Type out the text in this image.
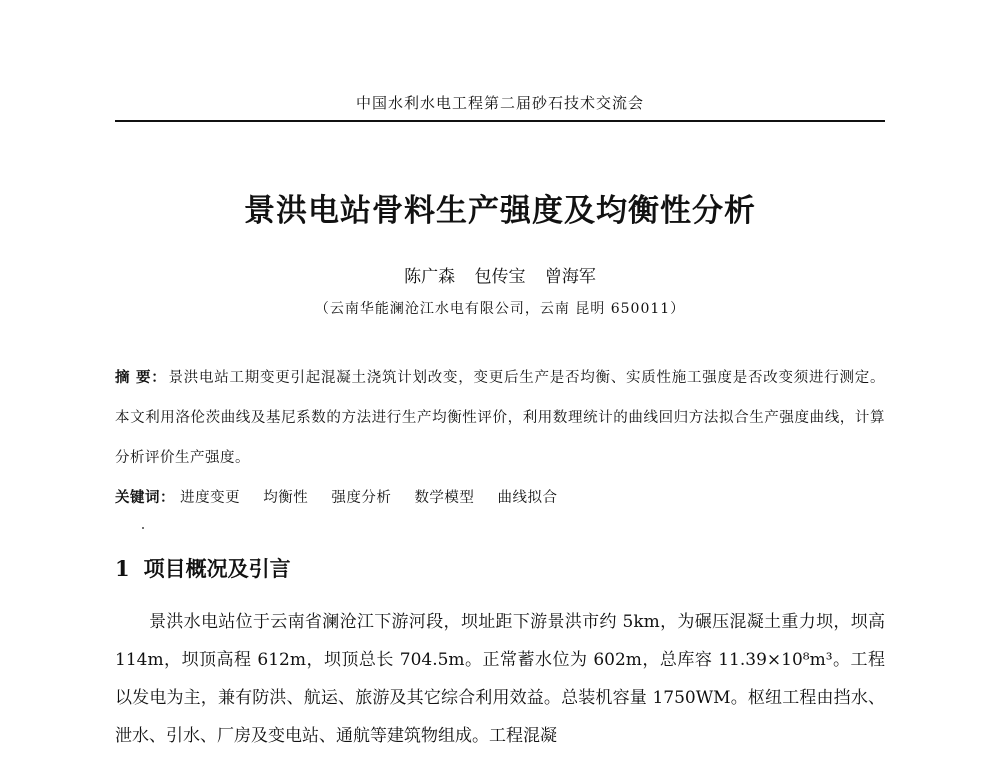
中国水利水电工程第二届砂石技术交流会
景洪电站骨料生产强度及均衡性分析
陈广森 包传宝 曾海军
（云南华能澜沧江水电有限公司，云南 昆明 650011）
摘 要： 景洪电站工期变更引起混凝土浇筑计划改变，变更后生产是否均衡、实质性施工强度是否改变须进行测定。本文利用洛伦茨曲线及基尼系数的方法进行生产均衡性评价，利用数理统计的曲线回归方法拟合生产强度曲线，计算分析评价生产强度。
关键词： 进度变更 均衡性 强度分析 数学模型 曲线拟合
1 项目概况及引言
景洪水电站位于云南省澜沧江下游河段，坝址距下游景洪市约 5km，为碾压混凝土重力坝，坝高 114m，坝顶高程 612m，坝顶总长 704.5m。正常蓄水位为 602m，总库容 11.39×10⁸m³。工程以发电为主，兼有防洪、航运、旅游及其它综合利用效益。总装机容量 1750WM。枢纽工程由挡水、泄水、引水、厂房及变电站、通航等建筑物组成。工程混凝
